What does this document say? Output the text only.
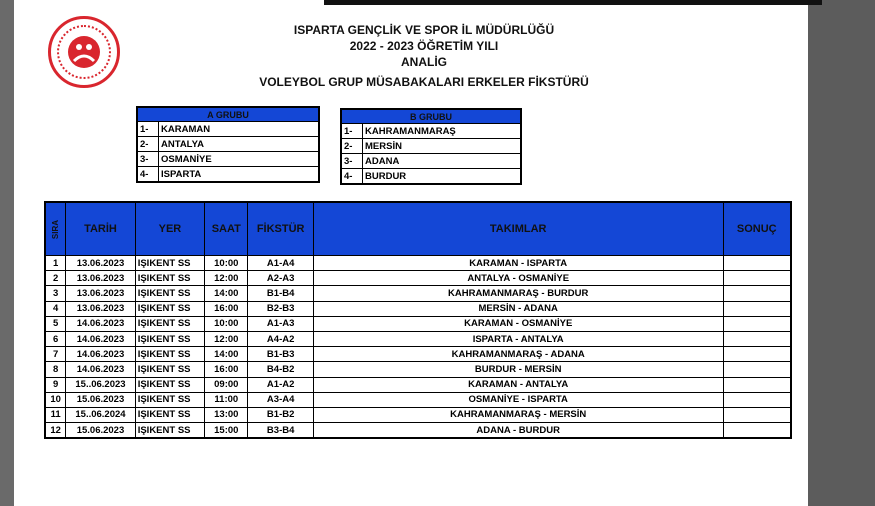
ISPARTA GENÇLİK VE SPOR İL MÜDÜRLÜĞÜ
2022 - 2023 ÖĞRETİM YILI
ANALİG
VOLEYBOL GRUP MÜSABAKALARI ERKELER FİKSTÜRÜ
A GRUBU	
1-	KARAMAN
2-	ANTALYA
3-	OSMANİYE
4-	ISPARTA
B GRUBU	
1-	KAHRAMANMARAŞ
2-	MERSİN
3-	ADANA
4-	BURDUR
SIRA	TARİH	YER	SAAT	FİKSTÜR	TAKIMLAR	SONUÇ
1	13.06.2023	IŞIKENT SS	10:00	A1-A4	KARAMAN - ISPARTA	
2	13.06.2023	IŞIKENT SS	12:00	A2-A3	ANTALYA - OSMANİYE	
3	13.06.2023	IŞIKENT SS	14:00	B1-B4	KAHRAMANMARAŞ - BURDUR	
4	13.06.2023	IŞIKENT SS	16:00	B2-B3	MERSİN - ADANA	
5	14.06.2023	IŞIKENT SS	10:00	A1-A3	KARAMAN - OSMANİYE	
6	14.06.2023	IŞIKENT SS	12:00	A4-A2	ISPARTA - ANTALYA	
7	14.06.2023	IŞIKENT SS	14:00	B1-B3	KAHRAMANMARAŞ - ADANA	
8	14.06.2023	IŞIKENT SS	16:00	B4-B2	BURDUR - MERSİN	
9	15..06.2023	IŞIKENT SS	09:00	A1-A2	KARAMAN - ANTALYA	
10	15.06.2023	IŞIKENT SS	11:00	A3-A4	OSMANİYE - ISPARTA	
11	15..06.2024	IŞIKENT SS	13:00	B1-B2	KAHRAMANMARAŞ - MERSİN	
12	15.06.2023	IŞIKENT SS	15:00	B3-B4	ADANA - BURDUR	
